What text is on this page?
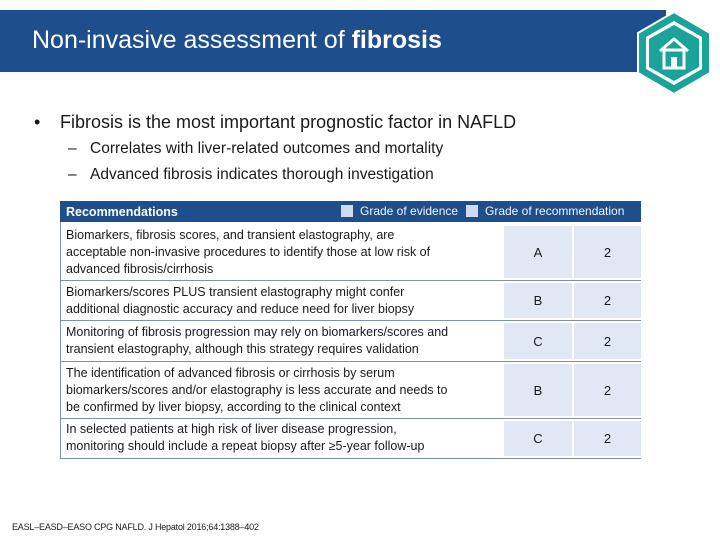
Non-invasive assessment of fibrosis
• Fibrosis is the most important prognostic factor in NAFLD
– Correlates with liver-related outcomes and mortality
– Advanced fibrosis indicates thorough investigation
Recommendations	Grade of evidence Grade of recommendation
Biomarkers, fibrosis scores, and transient elastography, are
acceptable non-invasive procedures to identify those at low risk of
advanced fibrosis/cirrhosis
A	2
Biomarkers/scores PLUS transient elastography might confer
additional diagnostic accuracy and reduce need for liver biopsy
B	2
Monitoring of fibrosis progression may rely on biomarkers/scores and
transient elastography, although this strategy requires validation
C	2
The identification of advanced fibrosis or cirrhosis by serum
biomarkers/scores and/or elastography is less accurate and needs to
be confirmed by liver biopsy, according to the clinical context
B	2
In selected patients at high risk of liver disease progression,
monitoring should include a repeat biopsy after ≥5-year follow-up	C	2
EASL–EASD–EASO CPG NAFLD. J Hepatol 2016;64:1388–402
